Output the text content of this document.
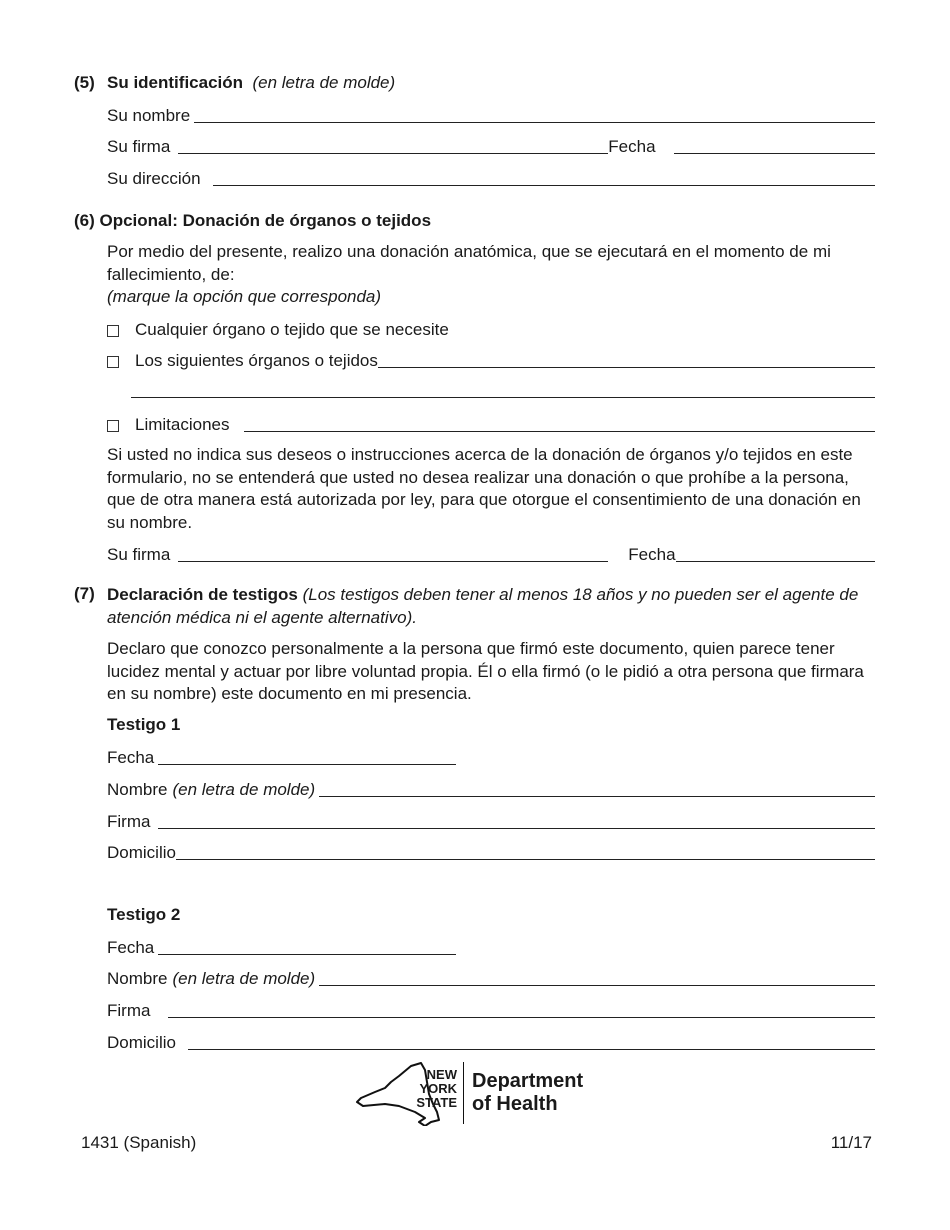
(5) Su identificación (en letra de molde)
Su nombre
Su firma	Fecha
Su dirección
(6) Opcional: Donación de órganos o tejidos
Por medio del presente, realizo una donación anatómica, que se ejecutará en el momento de mi fallecimiento, de:
(marque la opción que corresponda)
Cualquier órgano o tejido que se necesite
Los siguientes órganos o tejidos
Limitaciones
Si usted no indica sus deseos o instrucciones acerca de la donación de órganos y/o tejidos en este formulario, no se entenderá que usted no desea realizar una donación o que prohíbe a la persona, que de otra manera está autorizada por ley, para que otorgue el consentimiento de una donación en su nombre.
Su firma	Fecha
(7) Declaración de testigos (Los testigos deben tener al menos 18 años y no pueden ser el agente de atención médica ni el agente alternativo).
Declaro que conozco personalmente a la persona que firmó este documento, quien parece tener lucidez mental y actuar por libre voluntad propia. Él o ella firmó (o le pidió a otra persona que firmara en su nombre) este documento en mi presencia.
Testigo 1
Fecha
Nombre (en letra de molde)
Firma
Domicilio
Testigo 2
Fecha
Nombre (en letra de molde)
Firma
Domicilio
NEW
YORK
STATE
Department
of Health
1431 (Spanish)	11/17
